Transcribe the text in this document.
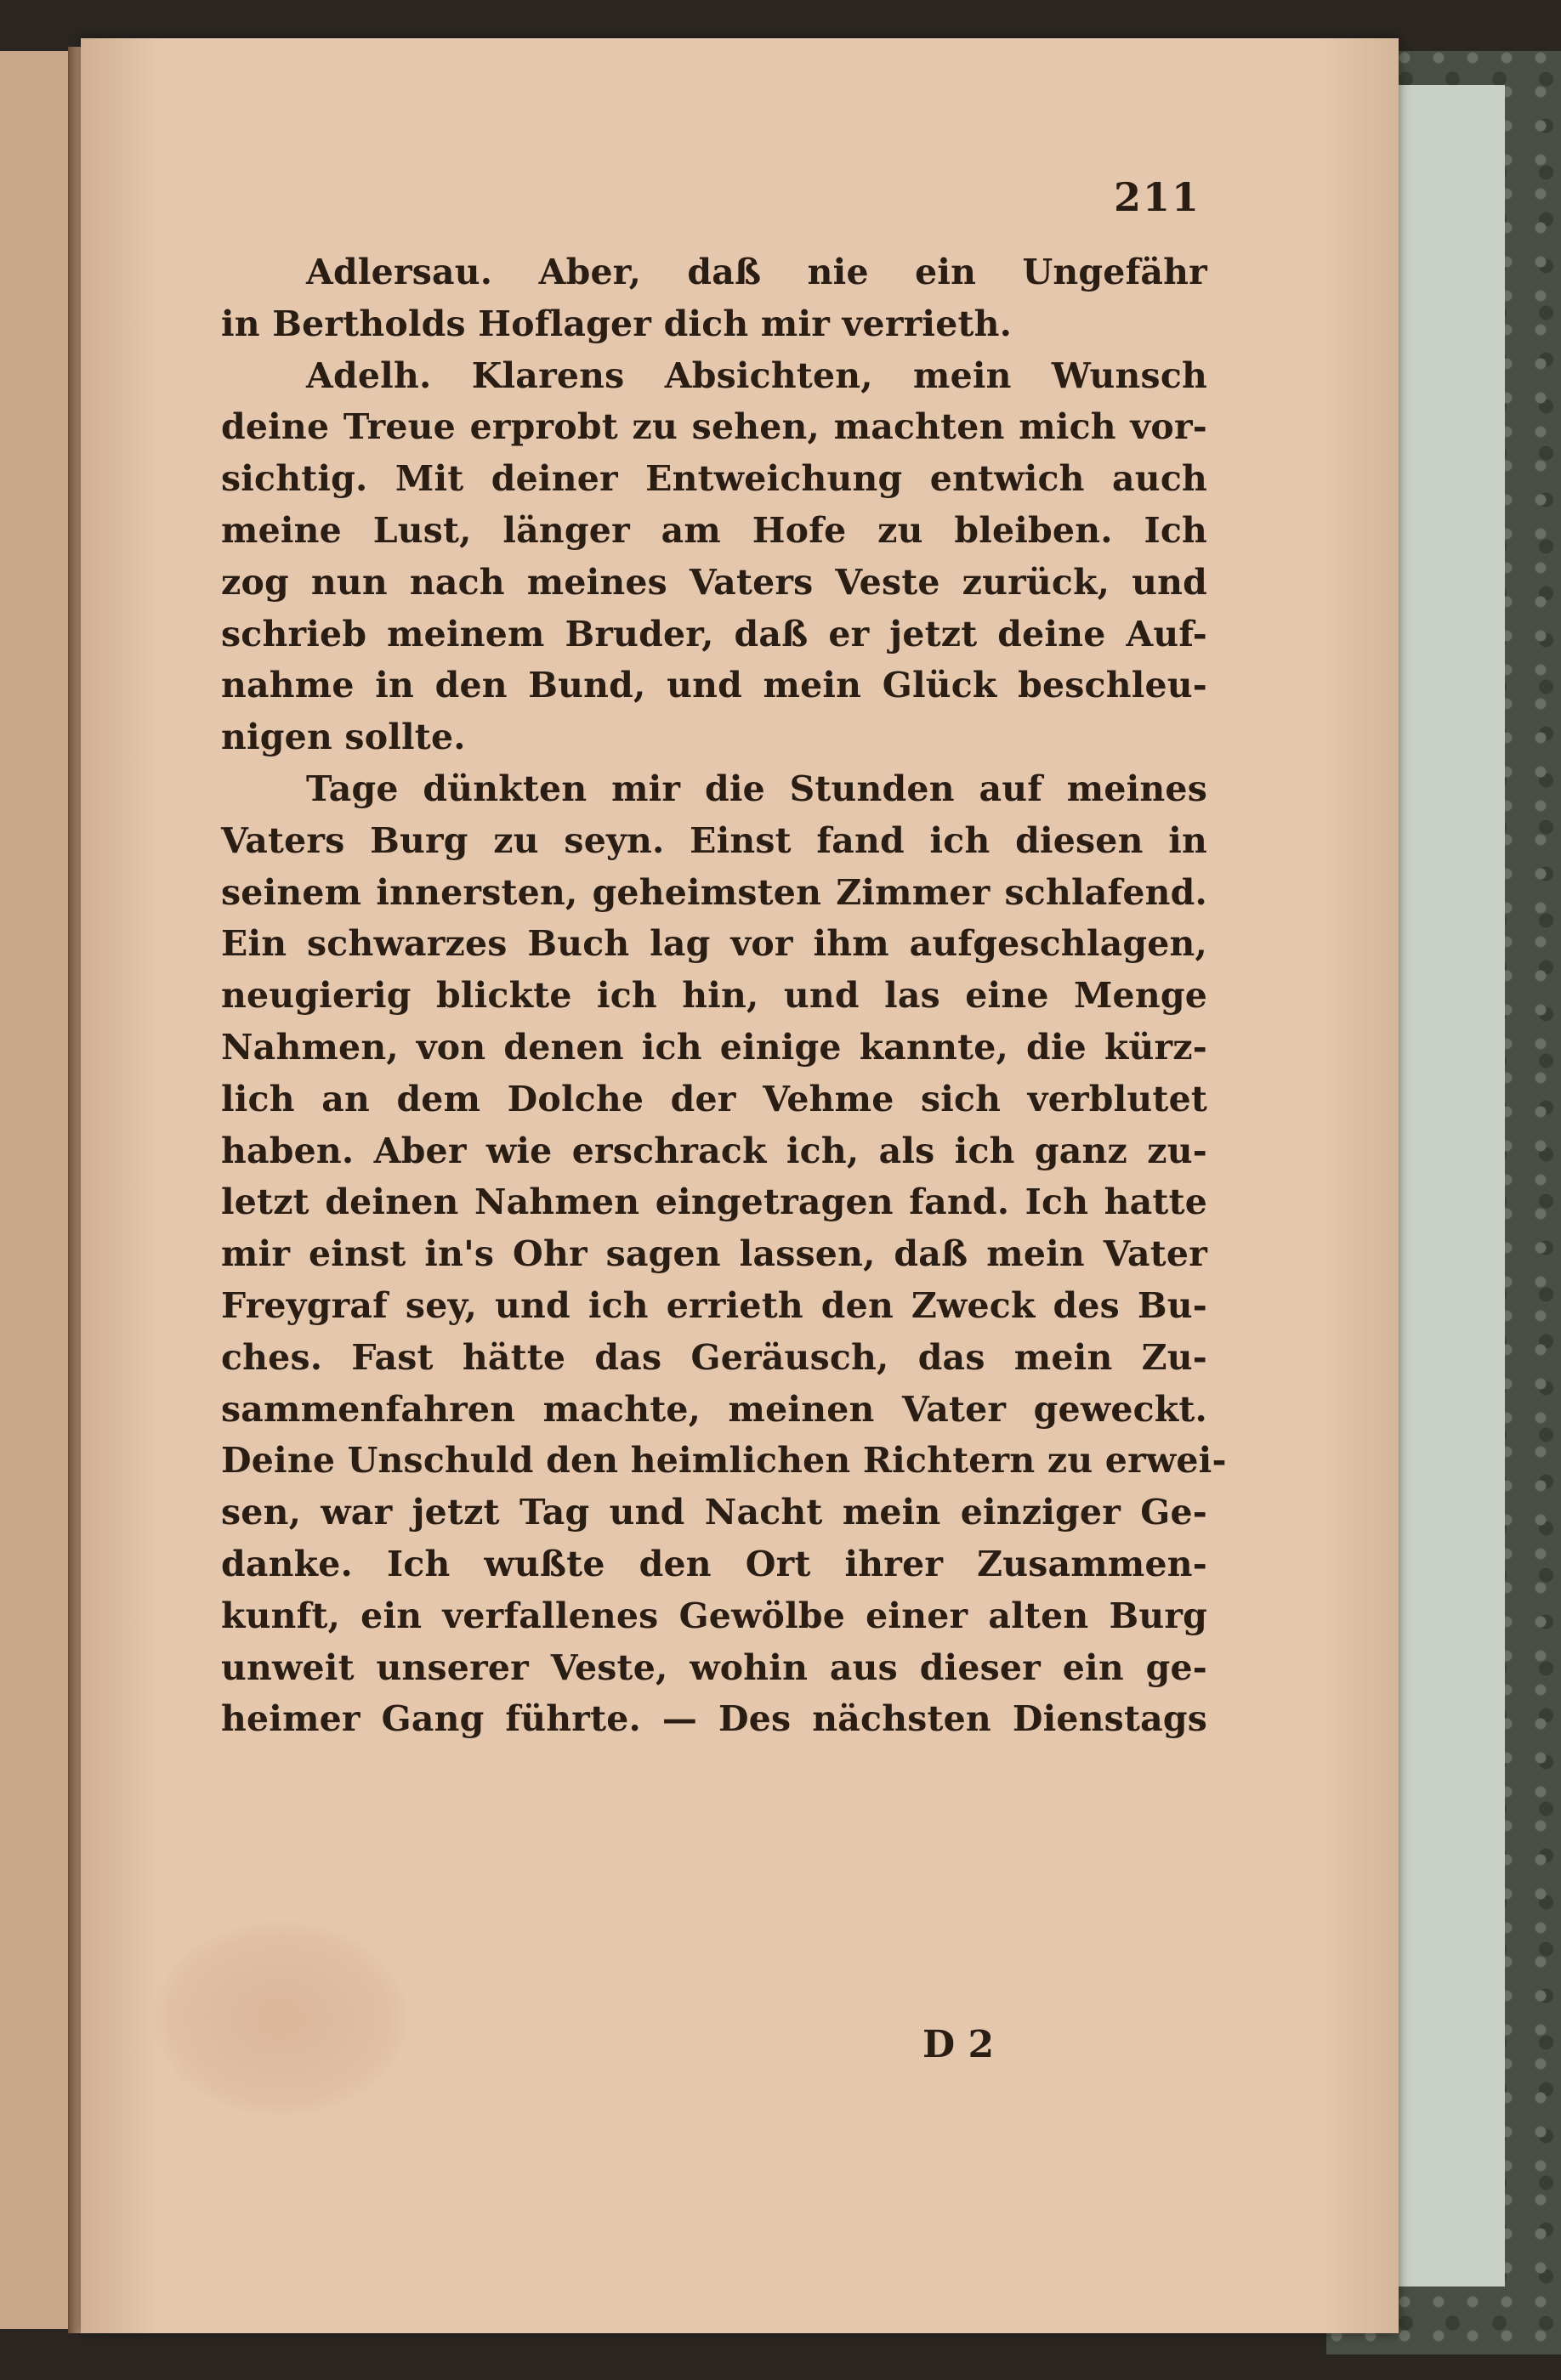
211
Adlersau. Aber, daß nie ein Ungefähr
in Bertholds Hoflager dich mir verrieth.
Adelh. Klarens Absichten, mein Wunsch
deine Treue erprobt zu sehen, machten mich vor-
sichtig. Mit deiner Entweichung entwich auch
meine Lust, länger am Hofe zu bleiben. Ich
zog nun nach meines Vaters Veste zurück, und
schrieb meinem Bruder, daß er jetzt deine Auf-
nahme in den Bund, und mein Glück beschleu-
nigen sollte.
Tage dünkten mir die Stunden auf meines
Vaters Burg zu seyn. Einst fand ich diesen in
seinem innersten, geheimsten Zimmer schlafend.
Ein schwarzes Buch lag vor ihm aufgeschlagen,
neugierig blickte ich hin, und las eine Menge
Nahmen, von denen ich einige kannte, die kürz-
lich an dem Dolche der Vehme sich verblutet
haben. Aber wie erschrack ich, als ich ganz zu-
letzt deinen Nahmen eingetragen fand. Ich hatte
mir einst in's Ohr sagen lassen, daß mein Vater
Freygraf sey, und ich errieth den Zweck des Bu-
ches. Fast hätte das Geräusch, das mein Zu-
sammenfahren machte, meinen Vater geweckt.
Deine Unschuld den heimlichen Richtern zu erwei-
sen, war jetzt Tag und Nacht mein einziger Ge-
danke. Ich wußte den Ort ihrer Zusammen-
kunft, ein verfallenes Gewölbe einer alten Burg
unweit unserer Veste, wohin aus dieser ein ge-
heimer Gang führte. — Des nächsten Dienstags
D 2
